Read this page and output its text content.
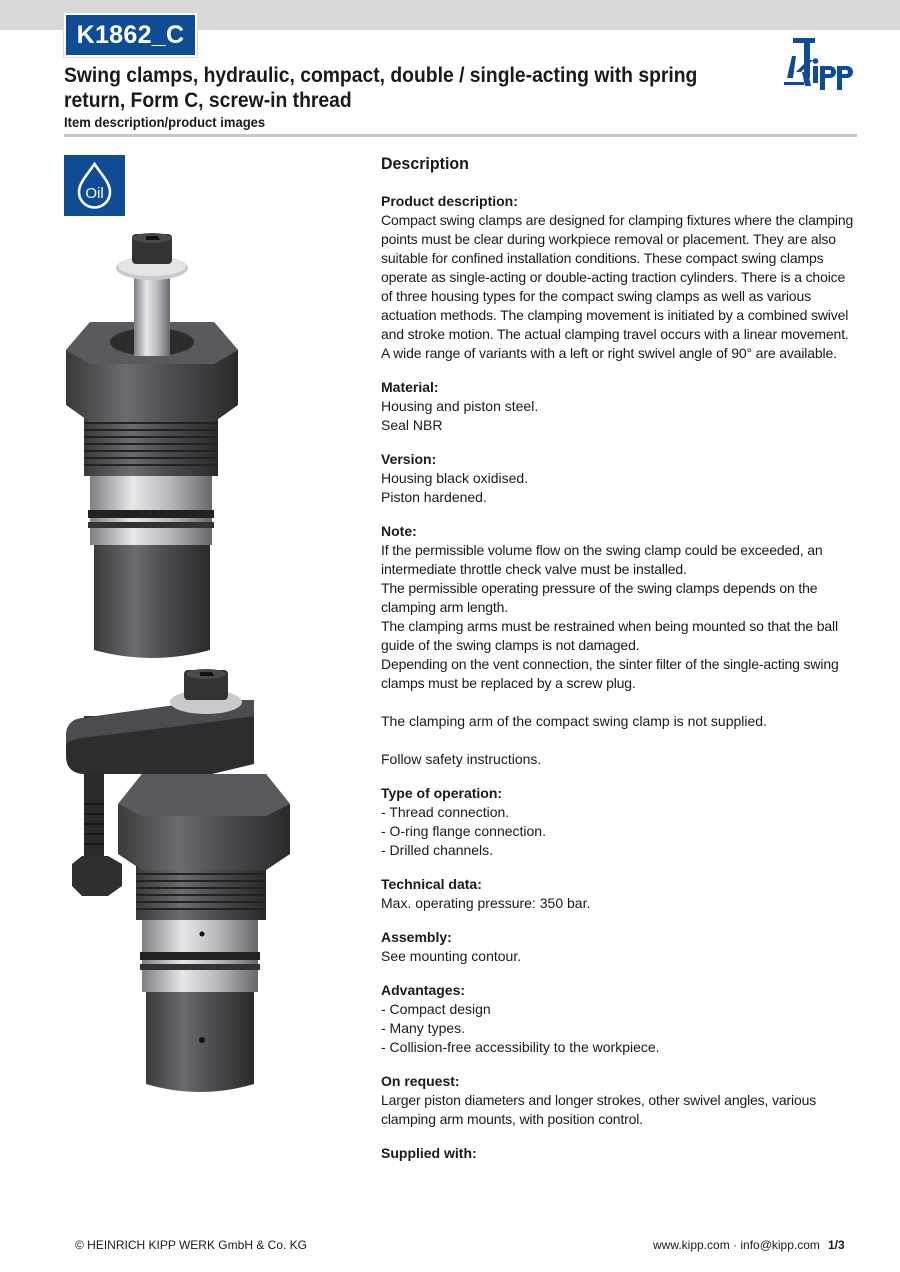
K1862_C
Swing clamps, hydraulic, compact, double / single-acting with spring
return, Form C, screw-in thread
Item description/product images
Oil
Description
Product description:

Compact swing clamps are designed for clamping fixtures where the clamping points must be clear during workpiece removal or placement. They are also suitable for confined installation conditions. These compact swing clamps operate as single-acting or double-acting traction cylinders. There is a choice of three housing types for the compact swing clamps as well as various actuation methods. The clamping movement is initiated by a combined swivel and stroke motion. The actual clamping travel occurs with a linear movement. A wide range of variants with a left or right swivel angle of 90° are available.

Material:

Housing and piston steel.

Seal NBR

Version:

Housing black oxidised.

Piston hardened.

Note:

If the permissible volume flow on the swing clamp could be exceeded, an intermediate throttle check valve must be installed.

The permissible operating pressure of the swing clamps depends on the clamping arm length.

The clamping arms must be restrained when being mounted so that the ball guide of the swing clamps is not damaged.

Depending on the vent connection, the sinter filter of the single-acting swing clamps must be replaced by a screw plug.

The clamping arm of the compact swing clamp is not supplied.

Follow safety instructions.

Type of operation:

- Thread connection.

- O-ring flange connection.

- Drilled channels.

Technical data:

Max. operating pressure: 350 bar.

Assembly:

See mounting contour.

Advantages:

- Compact design

- Many types.

- Collision-free accessibility to the workpiece.

On request:

Larger piston diameters and longer strokes, other swivel angles, various clamping arm mounts, with position control.

Supplied with:
© HEINRICH KIPP WERK GmbH & Co. KG	www.kipp.com · info@kipp.com 1/3
